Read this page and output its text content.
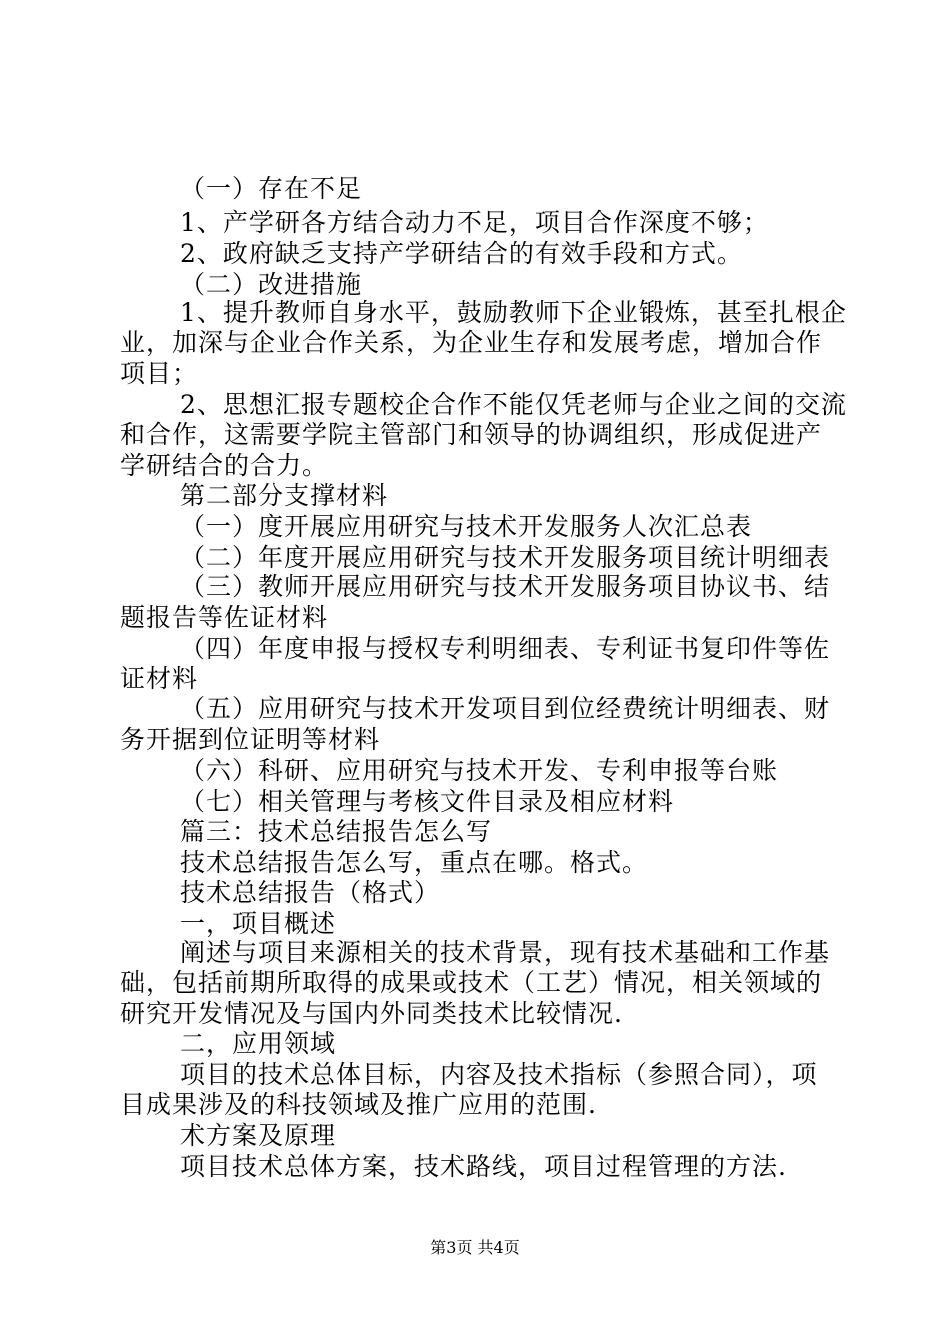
（一）存在不足
1、产学研各方结合动力不足，项目合作深度不够；
2、政府缺乏支持产学研结合的有效手段和方式。
（二）改进措施
1、提升教师自身水平，鼓励教师下企业锻炼，甚至扎根企
业，加深与企业合作关系，为企业生存和发展考虑，增加合作
项目；
2、思想汇报专题校企合作不能仅凭老师与企业之间的交流
和合作，这需要学院主管部门和领导的协调组织，形成促进产
学研结合的合力。
第二部分支撑材料
（一）度开展应用研究与技术开发服务人次汇总表
（二）年度开展应用研究与技术开发服务项目统计明细表
（三）教师开展应用研究与技术开发服务项目协议书、结
题报告等佐证材料
（四）年度申报与授权专利明细表、专利证书复印件等佐
证材料
（五）应用研究与技术开发项目到位经费统计明细表、财
务开据到位证明等材料
（六）科研、应用研究与技术开发、专利申报等台账
（七）相关管理与考核文件目录及相应材料
篇三：技术总结报告怎么写
技术总结报告怎么写，重点在哪。格式。
技术总结报告（格式）
一，项目概述
阐述与项目来源相关的技术背景，现有技术基础和工作基
础，包括前期所取得的成果或技术（工艺）情况，相关领域的
研究开发情况及与国内外同类技术比较情况.
二，应用领域
项目的技术总体目标，内容及技术指标（参照合同），项
目成果涉及的科技领域及推广应用的范围.
术方案及原理
项目技术总体方案，技术路线，项目过程管理的方法.
第3页 共4页
